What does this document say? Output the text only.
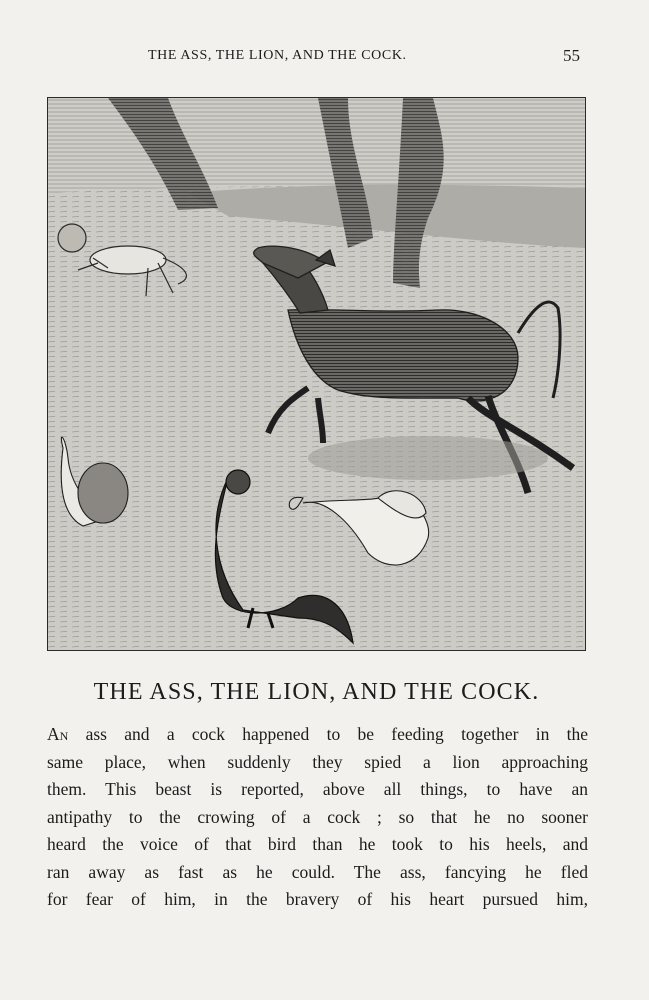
THE ASS, THE LION, AND THE COCK.	55
THE ASS, THE LION, AND THE COCK.

An ass and a cock happened to be feeding together in the
same place, when suddenly they spied a lion approaching
them. This beast is reported, above all things, to have an
antipathy to the crowing of a cock ; so that he no sooner
heard the voice of that bird than he took to his heels, and
ran away as fast as he could. The ass, fancying he fled
for fear of him, in the bravery of his heart pursued him,
